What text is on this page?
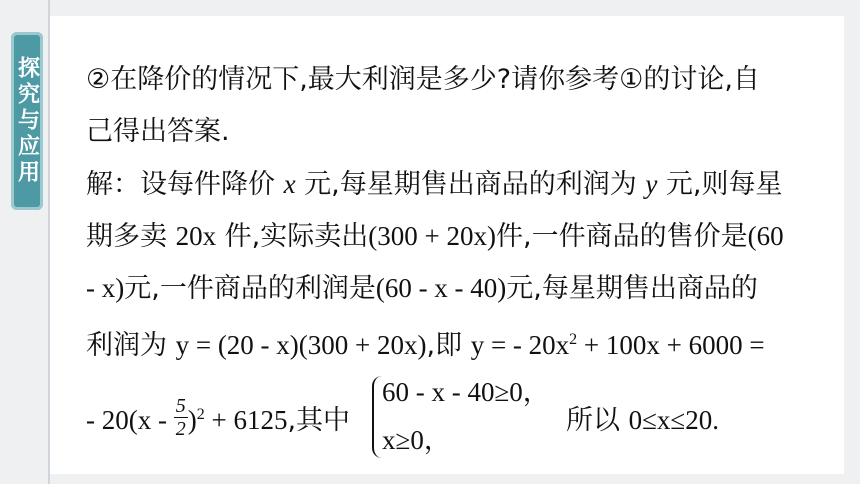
探究与应用 ②在降价的情况下,最大利润是多少?请你参考①的讨论,自
己得出答案.
解：设每件降价 x 元,每星期售出商品的利润为 y 元,则每星
期多卖 20x 件,实际卖出(300 + 20x)件,一件商品的售价是(60
- x)元,一件商品的利润是(60 - x - 40)元,每星期售出商品的
利润为 y = (20 - x)(300 + 20x),即 y = - $20x^2 + 100x + 6000$ =
- $20(x - \frac{5}{2} )^2 + 6125$,其中
60 - x - 40≥0，
x≥0，
所以 0≤x≤20.
